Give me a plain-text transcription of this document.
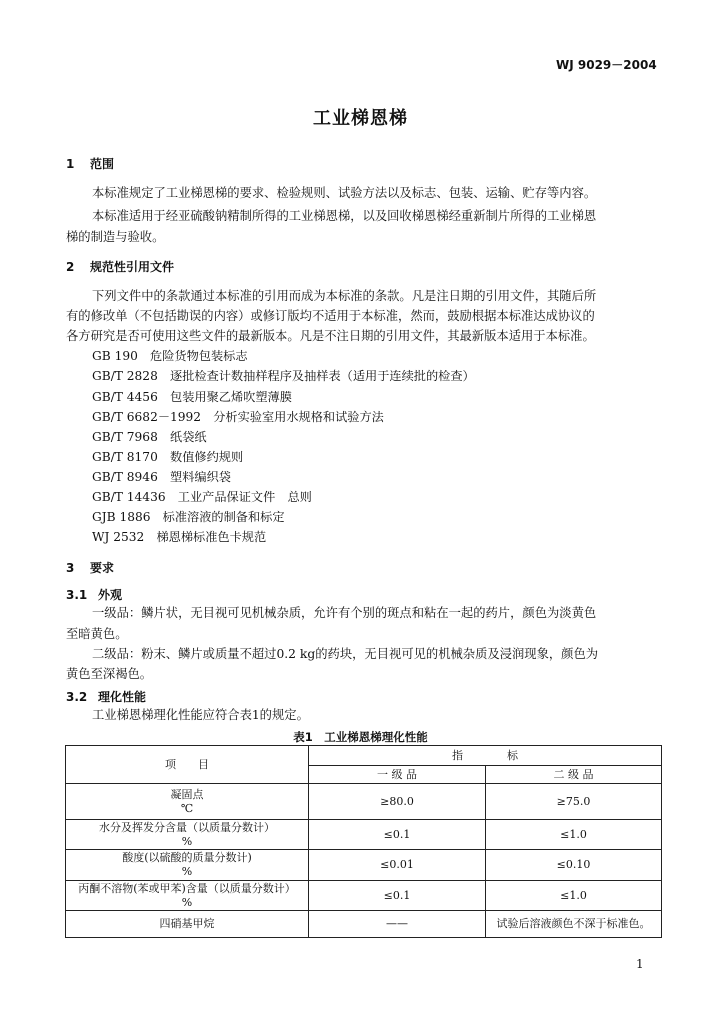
WJ 9029－2004
工业梯恩梯
1 范围
本标准规定了工业梯恩梯的要求、检验规则、试验方法以及标志、包装、运输、贮存等内容。
本标准适用于经亚硫酸钠精制所得的工业梯恩梯，以及回收梯恩梯经重新制片所得的工业梯恩
梯的制造与验收。
2 规范性引用文件
下列文件中的条款通过本标准的引用而成为本标准的条款。凡是注日期的引用文件，其随后所
有的修改单（不包括勘误的内容）或修订版均不适用于本标准，然而，鼓励根据本标准达成协议的
各方研究是否可使用这些文件的最新版本。凡是不注日期的引用文件，其最新版本适用于本标准。
GB 190　危险货物包装标志
GB/T 2828　逐批检查计数抽样程序及抽样表（适用于连续批的检查）
GB/T 4456　包装用聚乙烯吹塑薄膜
GB/T 6682－1992　分析实验室用水规格和试验方法
GB/T 7968　纸袋纸
GB/T 8170　数值修约规则
GB/T 8946　塑料编织袋
GB/T 14436　工业产品保证文件　总则
GJB 1886　标准溶液的制备和标定
WJ 2532　梯恩梯标准色卡规范
3 要求
3.1 外观
一级品：鳞片状，无目视可见机械杂质，允许有个别的斑点和粘在一起的药片，颜色为淡黄色
至暗黄色。
二级品：粉末、鳞片或质量不超过0.2 kg的药块，无目视可见的机械杂质及浸润现象，颜色为
黄色至深褐色。
3.2 理化性能
工业梯恩梯理化性能应符合表1的规定。
表1　工业梯恩梯理化性能
项　　目	指　　　　标	
	一 级 品	二 级 品

凝固点
℃	≥80.0	≥75.0

水分及挥发分含量（以质量分数计）
%	≤0.1	≤1.0

酸度(以硫酸的质量分数计)
%	≤0.01	≤0.10

丙酮不溶物(苯或甲苯)含量（以质量分数计）
%	≤0.1	≤1.0
四硝基甲烷	——	试验后溶液颜色不深于标准色。
1
